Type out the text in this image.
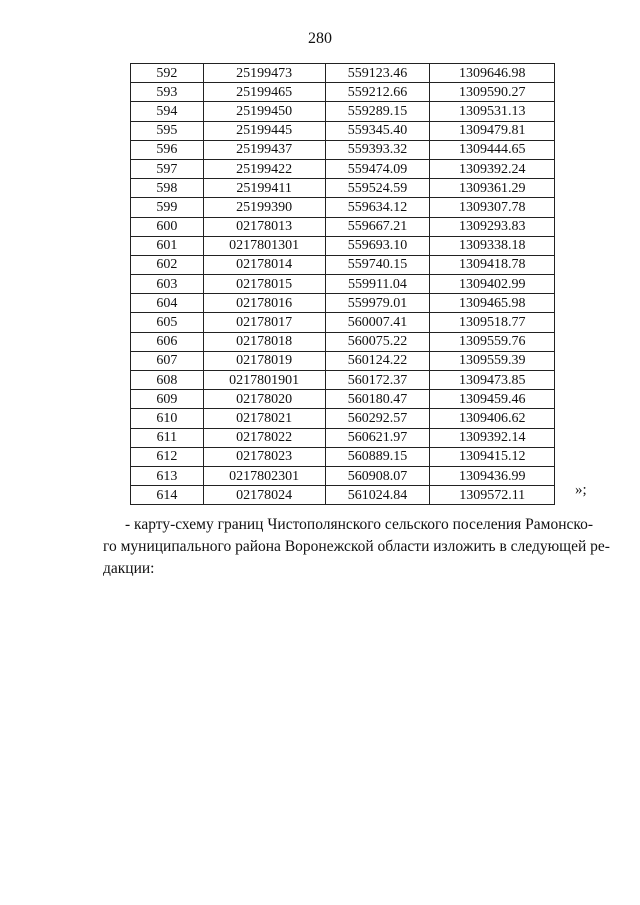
280
592	25199473	559123.46	1309646.98
593	25199465	559212.66	1309590.27
594	25199450	559289.15	1309531.13
595	25199445	559345.40	1309479.81
596	25199437	559393.32	1309444.65
597	25199422	559474.09	1309392.24
598	25199411	559524.59	1309361.29
599	25199390	559634.12	1309307.78
600	02178013	559667.21	1309293.83
601	0217801301	559693.10	1309338.18
602	02178014	559740.15	1309418.78
603	02178015	559911.04	1309402.99
604	02178016	559979.01	1309465.98
605	02178017	560007.41	1309518.77
606	02178018	560075.22	1309559.76
607	02178019	560124.22	1309559.39
608	0217801901	560172.37	1309473.85
609	02178020	560180.47	1309459.46
610	02178021	560292.57	1309406.62
611	02178022	560621.97	1309392.14
612	02178023	560889.15	1309415.12
613	0217802301	560908.07	1309436.99
614	02178024	561024.84	1309572.11	»;
- карту-схему границ Чистополянского сельского поселения Рамонско-
го муниципального района Воронежской области изложить в следующей ре-
дакции:
